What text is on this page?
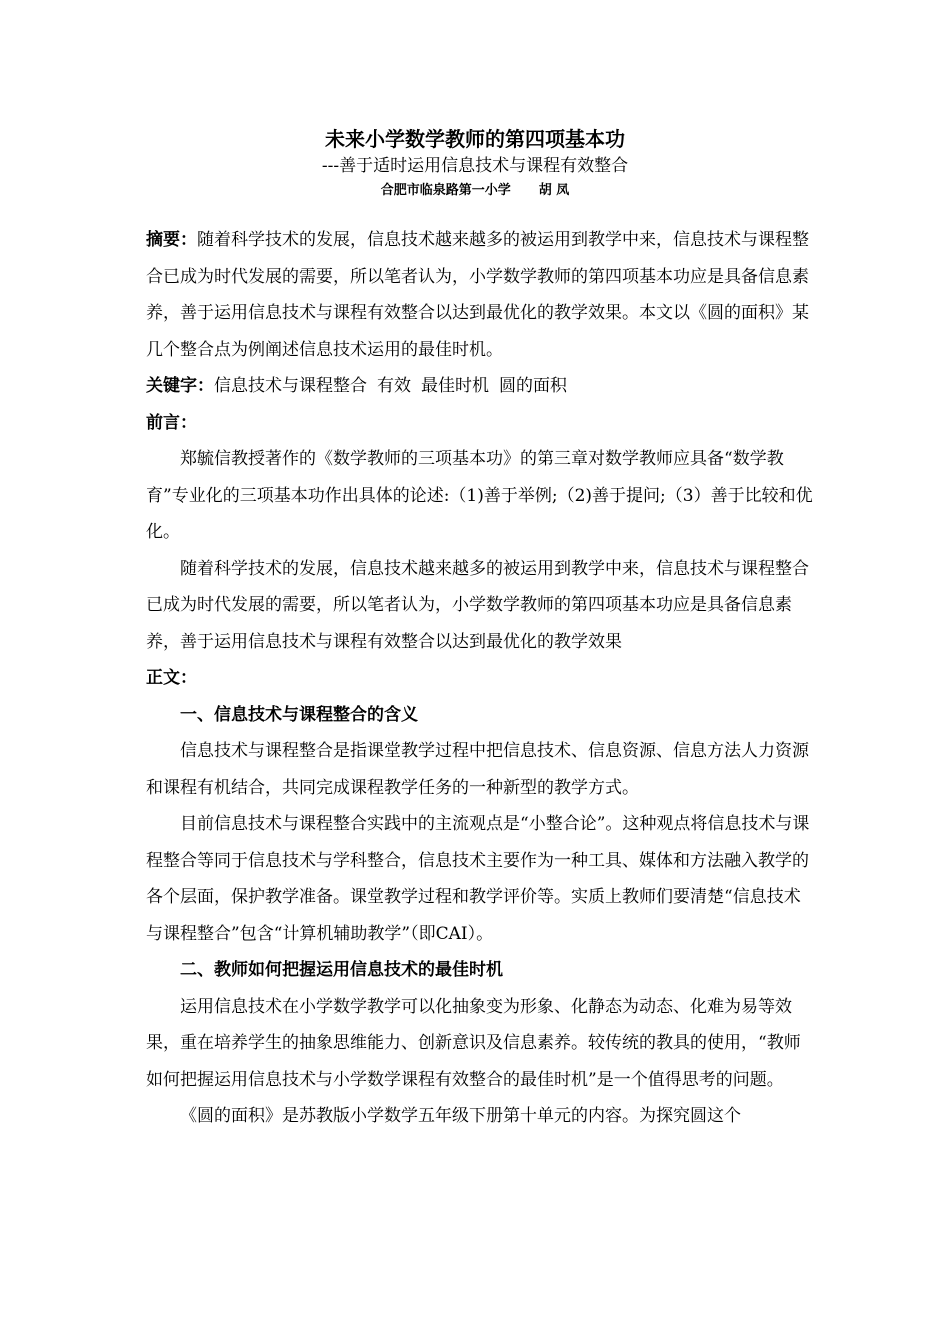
未来小学数学教师的第四项基本功
---善于适时运用信息技术与课程有效整合
合肥市临泉路第一小学 胡 凤

摘要：随着科学技术的发展，信息技术越来越多的被运用到教学中来，信息技术与课程整合已成为时代发展的需要，所以笔者认为，小学数学教师的第四项基本功应是具备信息素养，善于运用信息技术与课程有效整合以达到最优化的教学效果。本文以《圆的面积》某几个整合点为例阐述信息技术运用的最佳时机。

关键字：信息技术与课程整合 有效 最佳时机 圆的面积

前言：

郑毓信教授著作的《数学教师的三项基本功》的第三章对数学教师应具备“数学教育”专业化的三项基本功作出具体的论述:（1)善于举例;（2)善于提问;（3）善于比较和优化。

随着科学技术的发展，信息技术越来越多的被运用到教学中来，信息技术与课程整合已成为时代发展的需要，所以笔者认为，小学数学教师的第四项基本功应是具备信息素养，善于运用信息技术与课程有效整合以达到最优化的教学效果

正文：

一、信息技术与课程整合的含义

信息技术与课程整合是指课堂教学过程中把信息技术、信息资源、信息方法人力资源和课程有机结合，共同完成课程教学任务的一种新型的教学方式。

目前信息技术与课程整合实践中的主流观点是“小整合论”。这种观点将信息技术与课程整合等同于信息技术与学科整合，信息技术主要作为一种工具、媒体和方法融入教学的各个层面，保护教学准备。课堂教学过程和教学评价等。实质上教师们要清楚“信息技术与课程整合”包含“计算机辅助教学”（即CAI）。

二、教师如何把握运用信息技术的最佳时机

运用信息技术在小学数学教学可以化抽象变为形象、化静态为动态、化难为易等效果，重在培养学生的抽象思维能力、创新意识及信息素养。较传统的教具的使用，“教师如何把握运用信息技术与小学数学课程有效整合的最佳时机”是一个值得思考的问题。

《圆的面积》是苏教版小学数学五年级下册第十单元的内容。为探究圆这个
